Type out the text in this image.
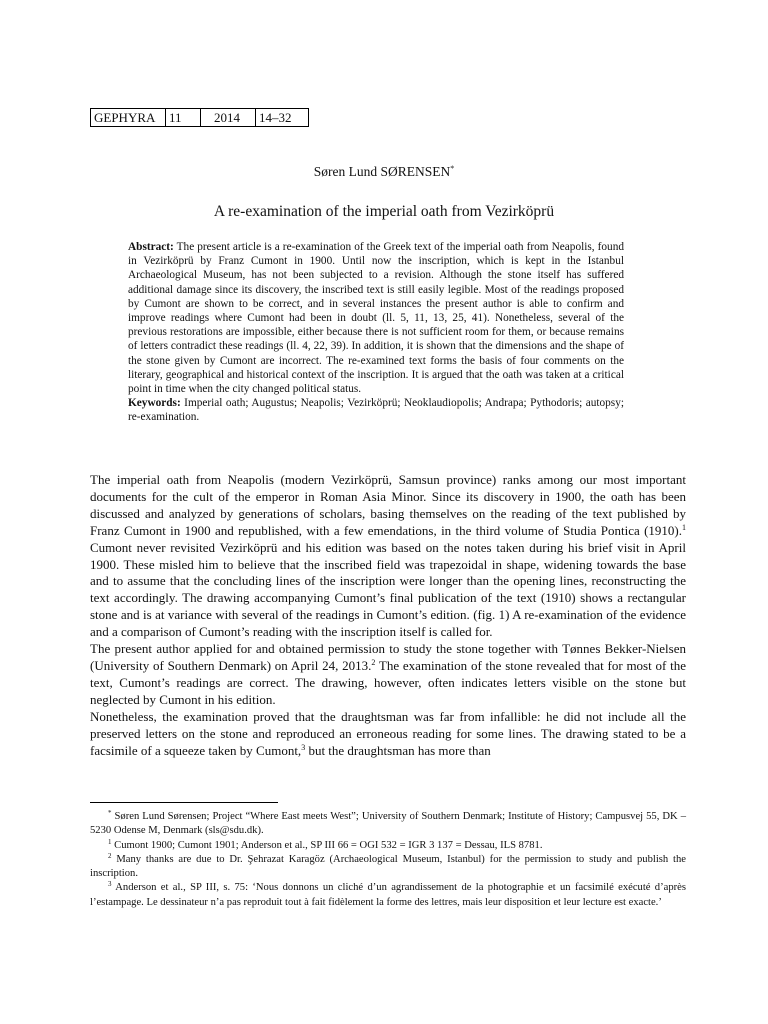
GEPHYRA	11	2014	14–32
Søren Lund SØRENSEN*
A re-examination of the imperial oath from Vezirköprü

Abstract: The present article is a re-examination of the Greek text of the imperial oath from Neapolis, found in Vezirköprü by Franz Cumont in 1900. Until now the inscription, which is kept in the Istanbul Archaeological Museum, has not been subjected to a revision. Although the stone itself has suffered additional damage since its discovery, the inscribed text is still easily legible. Most of the readings proposed by Cumont are shown to be correct, and in several instances the present author is able to confirm and improve readings where Cumont had been in doubt (ll. 5, 11, 13, 25, 41). Nonetheless, several of the previous restorations are impossible, either because there is not sufficient room for them, or because remains of letters contradict these readings (ll. 4, 22, 39). In addition, it is shown that the dimensions and the shape of the stone given by Cumont are incorrect. The re-examined text forms the basis of four comments on the literary, geographical and historical context of the inscription. It is argued that the oath was taken at a critical point in time when the city changed political status.

Keywords: Imperial oath; Augustus; Neapolis; Vezirköprü; Neoklaudiopolis; Andrapa; Pythodoris; autopsy; re-examination.

The imperial oath from Neapolis (modern Vezirköprü, Samsun province) ranks among our most important documents for the cult of the emperor in Roman Asia Minor. Since its discovery in 1900, the oath has been discussed and analyzed by generations of scholars, basing themselves on the reading of the text published by Franz Cumont in 1900 and republished, with a few emendations, in the third volume of Studia Pontica (1910).$^1$ Cumont never revisited Vezirköprü and his edition was based on the notes taken during his brief visit in April 1900. These misled him to believe that the inscribed field was trapezoidal in shape, widening towards the base and to assume that the concluding lines of the inscription were longer than the opening lines, reconstructing the text accordingly. The drawing accompanying Cumont’s final publication of the text (1910) shows a rectangular stone and is at variance with several of the readings in Cumont’s edition. (fig. 1) A re-examination of the evidence and a comparison of Cumont’s reading with the inscription itself is called for.

The present author applied for and obtained permission to study the stone together with Tønnes Bekker-Nielsen (University of Southern Denmark) on April 24, 2013.$^2$ The examination of the stone revealed that for most of the text, Cumont’s readings are correct. The drawing, however, often indicates letters visible on the stone but neglected by Cumont in his edition.

Nonetheless, the examination proved that the draughtsman was far from infallible: he did not include all the preserved letters on the stone and reproduced an erroneous reading for some lines. The drawing stated to be a facsimile of a squeeze taken by Cumont,$^3$ but the draughtsman has more than

* Søren Lund Sørensen; Project “Where East meets West”; University of Southern Denmark; Institute of History; Campusvej 55, DK – 5230 Odense M, Denmark (sls@sdu.dk).

$^1$ Cumont 1900; Cumont 1901; Anderson et al., SP III 66 = OGI 532 = IGR 3 137 = Dessau, ILS 8781.

$^2$ Many thanks are due to Dr. Şehrazat Karagöz (Archaeological Museum, Istanbul) for the permission to study and publish the inscription.

$^3$ Anderson et al., SP III, s. 75: ‘Nous donnons un cliché d’un agrandissement de la photographie et un facsimilé exécuté d’après l’estampage. Le dessinateur n’a pas reproduit tout à fait fidèlement la forme des lettres, mais leur disposition et leur lecture est exacte.’
